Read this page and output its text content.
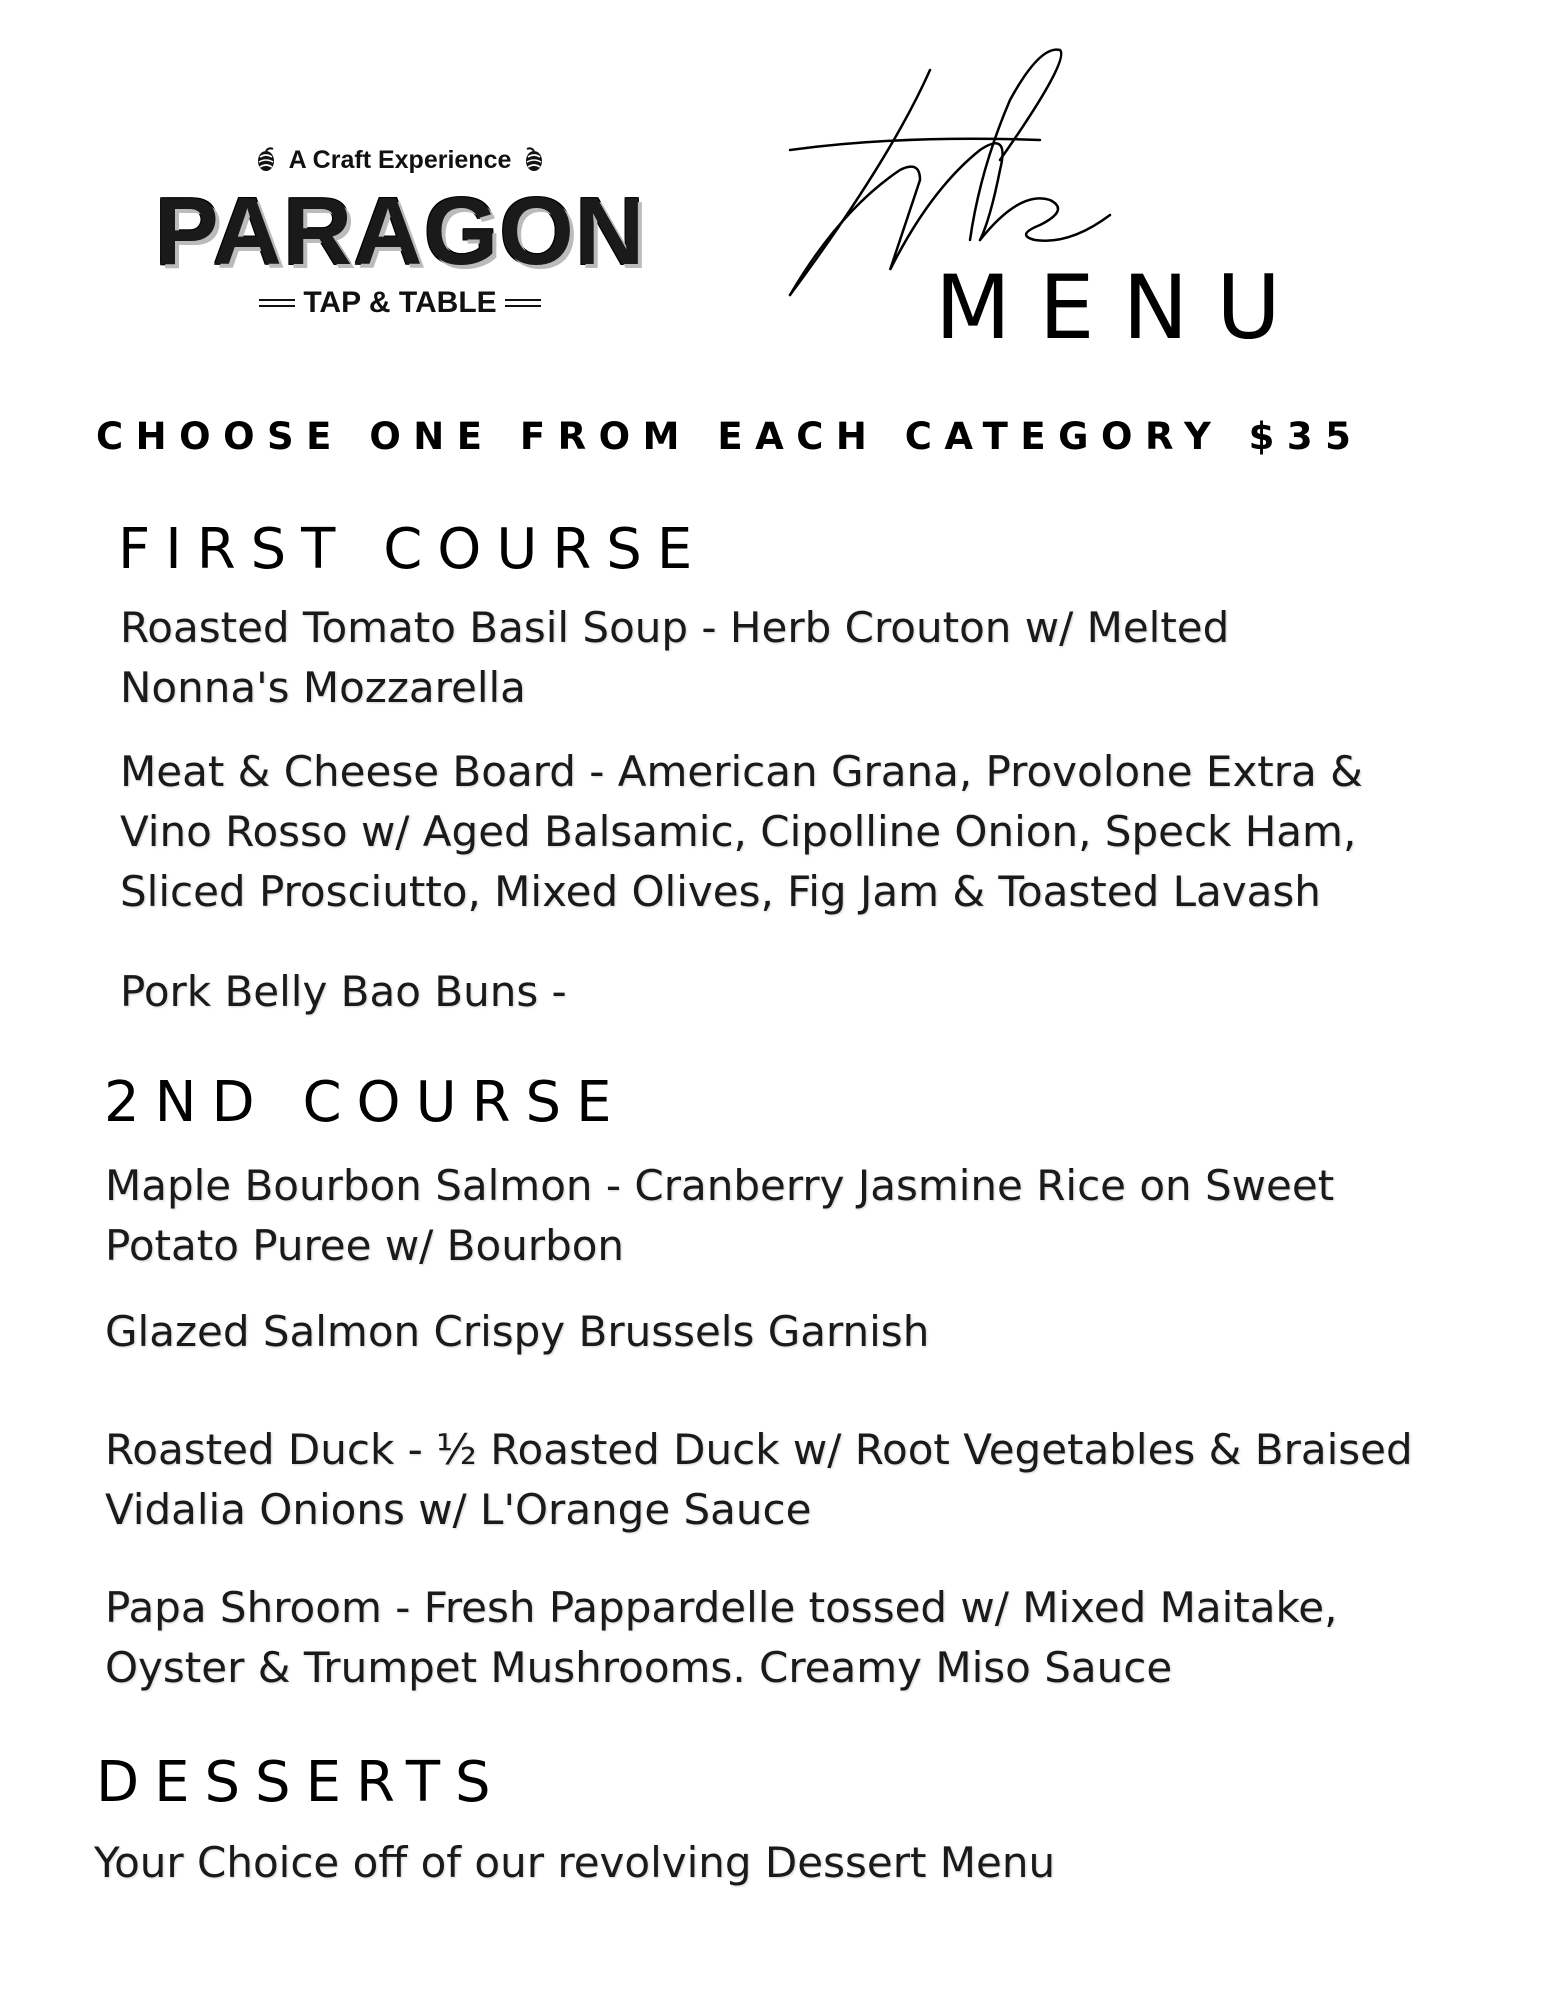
A Craft Experience
PARAGON
TAP & TABLE	MENU
CHOOSE ONE FROM EACH CATEGORY $35
FIRST COURSE
Roasted Tomato Basil Soup - Herb Crouton w/ Melted
Nonna's Mozzarella
Meat & Cheese Board - American Grana, Provolone Extra &
Vino Rosso w/ Aged Balsamic, Cipolline Onion, Speck Ham,
Sliced Prosciutto, Mixed Olives, Fig Jam & Toasted Lavash
Pork Belly Bao Buns -
2ND COURSE
Maple Bourbon Salmon - Cranberry Jasmine Rice on Sweet
Potato Puree w/ Bourbon
Glazed Salmon Crispy Brussels Garnish
Roasted Duck - ½ Roasted Duck w/ Root Vegetables & Braised
Vidalia Onions w/ L'Orange Sauce
Papa Shroom - Fresh Pappardelle tossed w/ Mixed Maitake,
Oyster & Trumpet Mushrooms. Creamy Miso Sauce
DESSERTS
Your Choice off of our revolving Dessert Menu
